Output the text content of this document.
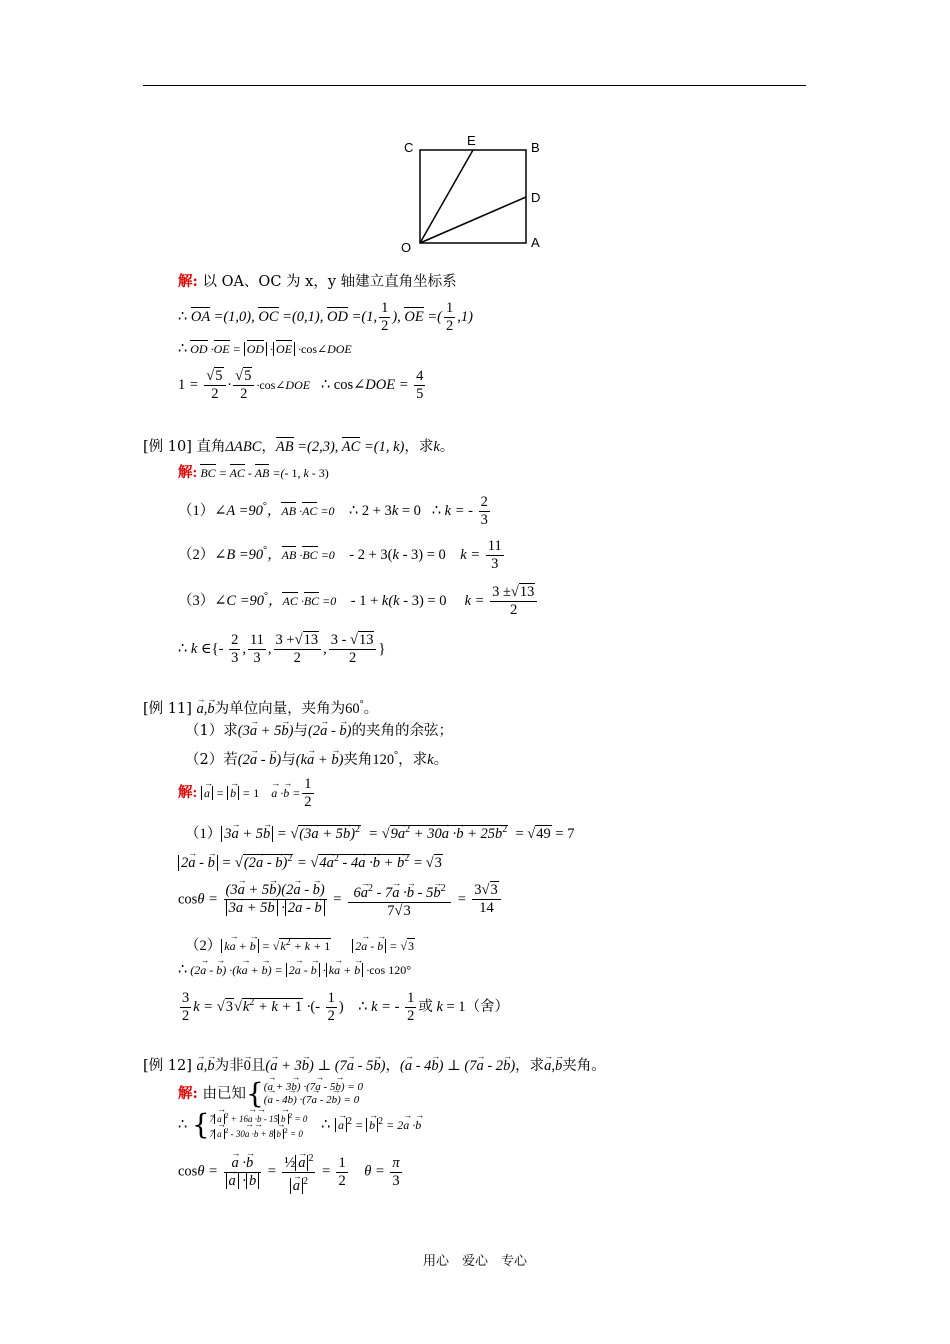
C	E	B
D
O	A
解: 以 OA、OC 为 x，y 轴建立直角坐标系
∴ OA =(1,0), OC =(0,1), OD =(1, $\frac{1}{2}$ ), OE =( $\frac{1}{2} ,1$)
∴ OD ·OE = OD · OE ·cos∠DOE
$1 = \frac{√5}{2} \cdot \frac{√5}{2}$ ·cos∠DOE ∴ cos∠DOE = $\frac{4}{5}$
[例 10] 直角ΔABC，AB =(2,3), AC =(1, k)，求k。
解: BC = AC - AB =(- 1, k - 3)
（1）∠A =90°，AB ·AC =0 ∴ 2 + 3k = 0 ∴ k = - $\frac{2}{3}$
（2）∠B =90°，AB ·BC =0 - 2 + 3(k - 3) = 0    $k = \frac{11}{3}$
（3）∠C =90°，AC ·BC =0 - 1 + k(k - 3) = 0     $k = \frac{3 \pm√13}{2}$
∴ k ∈{- $\frac{2}{3}$ , $\frac{11}{3}$ , $\frac{3 +√13}{2}$ , $\frac{3 - √13}{2}$ }
[例 11] → a,→ b为单位向量，夹角为60°。
（1）求(3→ a + 5→ b)与(2→ a - → b)的夹角的余弦；
（2）若(2→ a - → b)与(k→ a + → b)夹角120°，求k。
解: → a = → b = 1    → $a \cdot\to b = \frac{1}{2}$
（1） $3\to a + 5\to b = √(3\to a + 5\to b)^2 = √9\to a^2 + 30\to a \cdot\to b + 25\to b^2 = √49 = 7$
2→ a - → b = √(2→ a - → $b)^2 = √4\to a^2 - 4\to a \cdot\to b$ + → $b^2 = √3$
$\cos\theta = \frac{(3\to a + 5\to b)(2\to a - \to b)}{3\to a + 5\to b \cdot 2\to a - \to b} = \frac{6\to a^2 - 7\to a \cdot\to b - 5\to b^2}{7√3} = \frac{3√3}{14}$
（2） k→ a + → $b = √k^2 + k + 1$ 2→ a - → b = √3
∴ (2→ a - → b) ·(k→ a + → b) = 2→ a - → b · k→ a + → b ·cos 120°
$\frac{3}{2}$ $k = √3√k^2 + k + 1$ ·(- $\frac{1}{2}$ ) ∴ k = - $\frac{1}{2}$ 或 k = 1（舍）
[例 12] → a,→ b为非→ 0且(→ a + 3→ b) ⊥ (7→ a - 5→ b)，(→ a - 4→ b) ⊥ (7→ a - 2→ b)，求→ a,→ b夹角。
解: 由已知{ (→ a + 3→ b) ·(7→ a - 5→ b) = 0
(→ a - 4→ b) ·(7→ a - 2→ b) = 0
∴ { 7→ a $^2$ + 16→ a ·→ b - 15→ b $^2$ = 0
7→ a $^2$ - 30→ a ·→ b + 8→ b $^2$ = 0
∴ → a $^2$ = → b $^2$ = 2→ a ·→ b
cosθ =
→ a ·→ b
→ a ·→ b = ½→ a $^2$
→ a $^2 = \frac{1}{2}$ $\theta = \frac{\pi}{3}$
用心　爱心　专心
